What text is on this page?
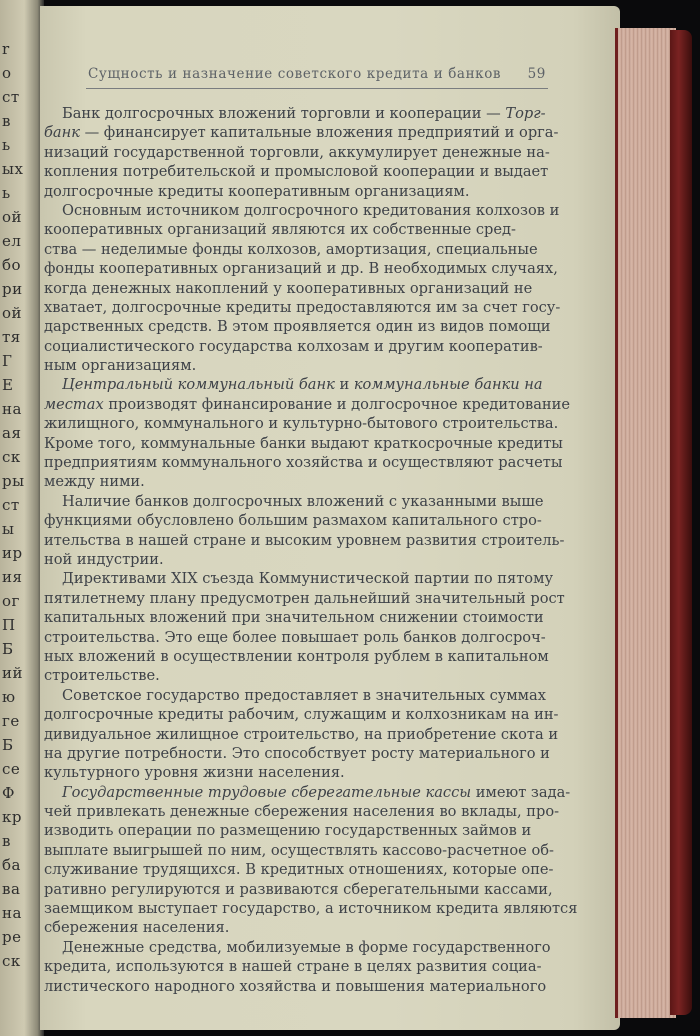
r
о
ст
в
ь
ых
ь
ой
ел
бо
ри
ой
тя
Г
Е
на
ая
ск
ры
ст
ы
ир
ия
ог
П
Б
ий
ю
ге
Б
се
Ф
кр
в
ба
ва
на
ре
ск
Сущность и назначение советского кредита и банков 59
Банк долгосрочных вложений торговли и кооперации — Торг-
банк — финансирует капитальные вложения предприятий и орга-
низаций государственной торговли, аккумулирует денежные на-
копления потребительской и промысловой кооперации и выдает
долгосрочные кредиты кооперативным организациям.
Основным источником долгосрочного кредитования колхозов и
кооперативных организаций являются их собственные сред-
ства — неделимые фонды колхозов, амортизация, специальные
фонды кооперативных организаций и др. В необходимых случаях,
когда денежных накоплений у кооперативных организаций не
хватает, долгосрочные кредиты предоставляются им за счет госу-
дарственных средств. В этом проявляется один из видов помощи
социалистического государства колхозам и другим кооператив-
ным организациям.
Центральный коммунальный банк и коммунальные банки на
местах производят финансирование и долгосрочное кредитование
жилищного, коммунального и культурно-бытового строительства.
Кроме того, коммунальные банки выдают краткосрочные кредиты
предприятиям коммунального хозяйства и осуществляют расчеты
между ними.
Наличие банков долгосрочных вложений с указанными выше
функциями обусловлено большим размахом капитального стро-
ительства в нашей стране и высоким уровнем развития строитель-
ной индустрии.
Директивами XIX съезда Коммунистической партии по пятому
пятилетнему плану предусмотрен дальнейший значительный рост
капитальных вложений при значительном снижении стоимости
строительства. Это еще более повышает роль банков долгосроч-
ных вложений в осуществлении контроля рублем в капитальном
строительстве.
Советское государство предоставляет в значительных суммах
долгосрочные кредиты рабочим, служащим и колхозникам на ин-
дивидуальное жилищное строительство, на приобретение скота и
на другие потребности. Это способствует росту материального и
культурного уровня жизни населения.
Государственные трудовые сберегательные кассы имеют зада-
чей привлекать денежные сбережения населения во вклады, про-
изводить операции по размещению государственных займов и
выплате выигрышей по ним, осуществлять кассово-расчетное об-
служивание трудящихся. В кредитных отношениях, которые опе-
ративно регулируются и развиваются сберегательными кассами,
заемщиком выступает государство, а источником кредита являются
сбережения населения.
Денежные средства, мобилизуемые в форме государственного
кредита, используются в нашей стране в целях развития социа-
листического народного хозяйства и повышения материального
